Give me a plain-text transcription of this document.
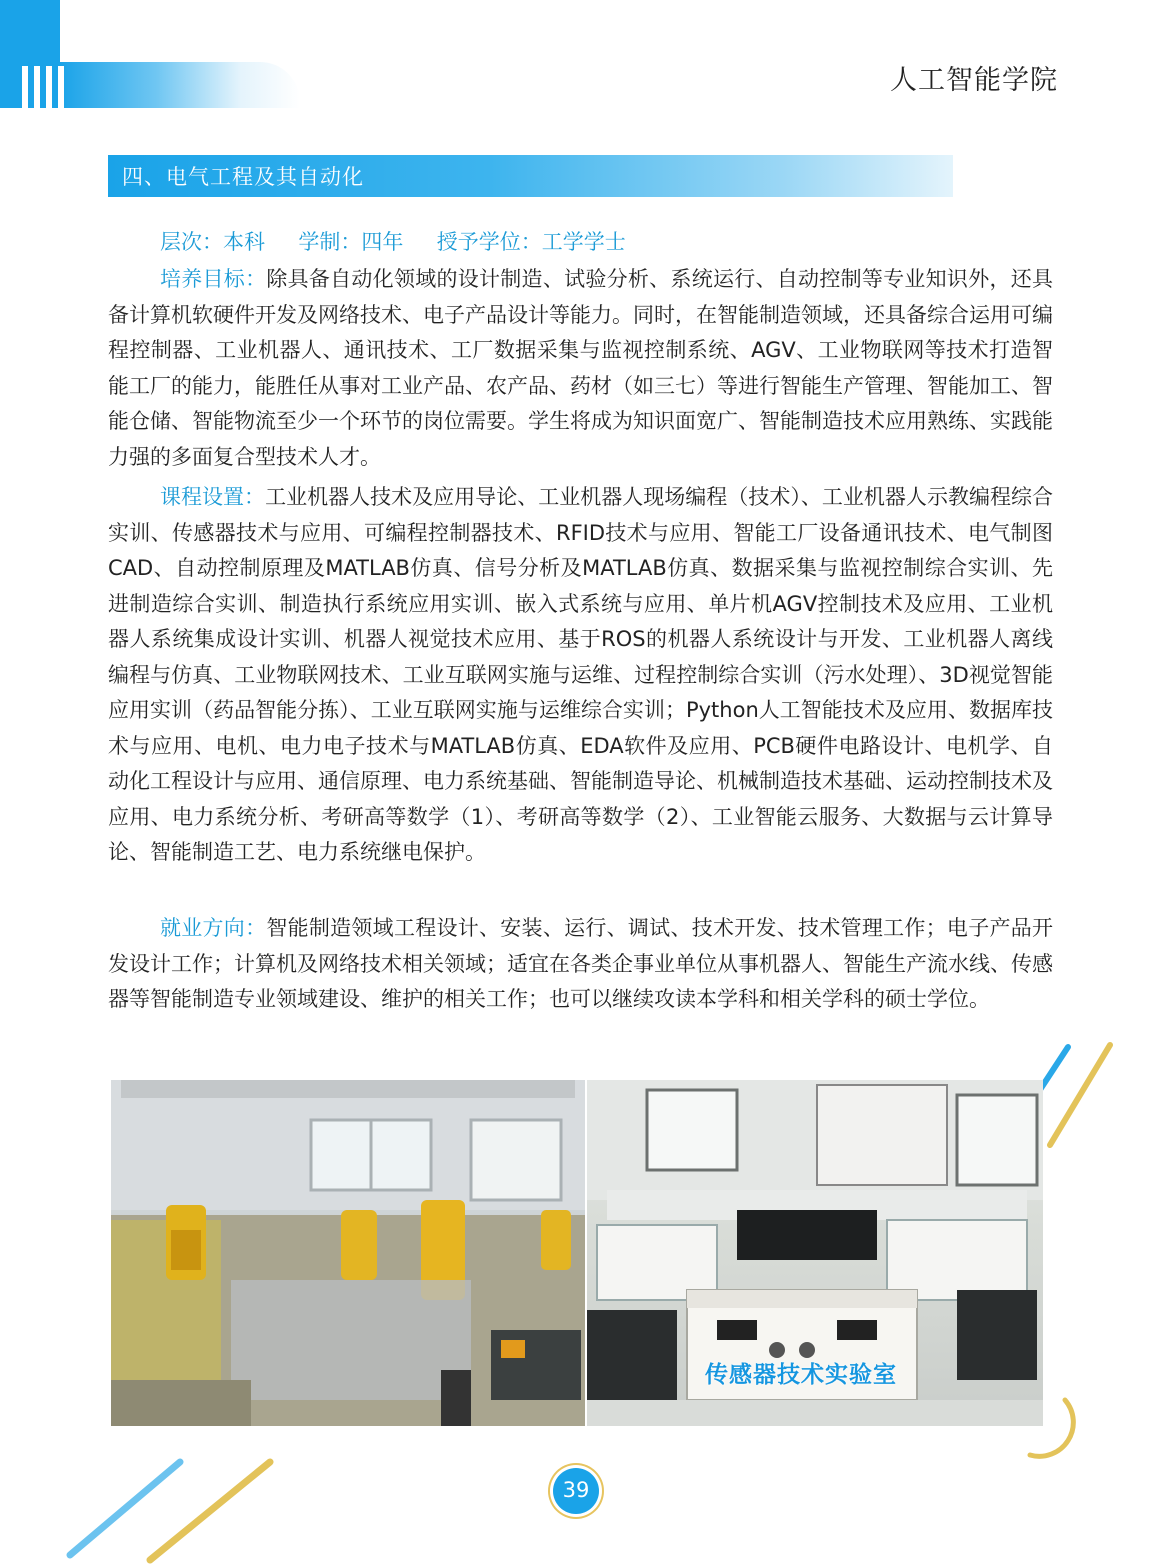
人工智能学院
四、电气工程及其自动化
层次：本科     学制：四年     授予学位：工学学士
培养目标：除具备自动化领域的设计制造、试验分析、系统运行、自动控制等专业知识外，还具备计算机软硬件开发及网络技术、电子产品设计等能力。同时，在智能制造领域，还具备综合运用可编程控制器、工业机器人、通讯技术、工厂数据采集与监视控制系统、AGV、工业物联网等技术打造智能工厂的能力，能胜任从事对工业产品、农产品、药材（如三七）等进行智能生产管理、智能加工、智能仓储、智能物流至少一个环节的岗位需要。学生将成为知识面宽广、智能制造技术应用熟练、实践能力强的多面复合型技术人才。
课程设置：工业机器人技术及应用导论、工业机器人现场编程（技术）、工业机器人示教编程综合实训、传感器技术与应用、可编程控制器技术、RFID技术与应用、智能工厂设备通讯技术、电气制图CAD、自动控制原理及MATLAB仿真、信号分析及MATLAB仿真、数据采集与监视控制综合实训、先进制造综合实训、制造执行系统应用实训、嵌入式系统与应用、单片机AGV控制技术及应用、工业机器人系统集成设计实训、机器人视觉技术应用、基于ROS的机器人系统设计与开发、工业机器人离线编程与仿真、工业物联网技术、工业互联网实施与运维、过程控制综合实训（污水处理）、3D视觉智能应用实训（药品智能分拣）、工业互联网实施与运维综合实训；Python人工智能技术及应用、数据库技术与应用、电机、电力电子技术与MATLAB仿真、EDA软件及应用、PCB硬件电路设计、电机学、自动化工程设计与应用、通信原理、电力系统基础、智能制造导论、机械制造技术基础、运动控制技术及应用、电力系统分析、考研高等数学（1）、考研高等数学（2）、工业智能云服务、大数据与云计算导论、智能制造工艺、电力系统继电保护。
就业方向：智能制造领域工程设计、安装、运行、调试、技术开发、技术管理工作；电子产品开发设计工作；计算机及网络技术相关领域；适宜在各类企事业单位从事机器人、智能生产流水线、传感器等智能制造专业领域建设、维护的相关工作；也可以继续攻读本学科和相关学科的硕士学位。
传感器技术实验室
39
